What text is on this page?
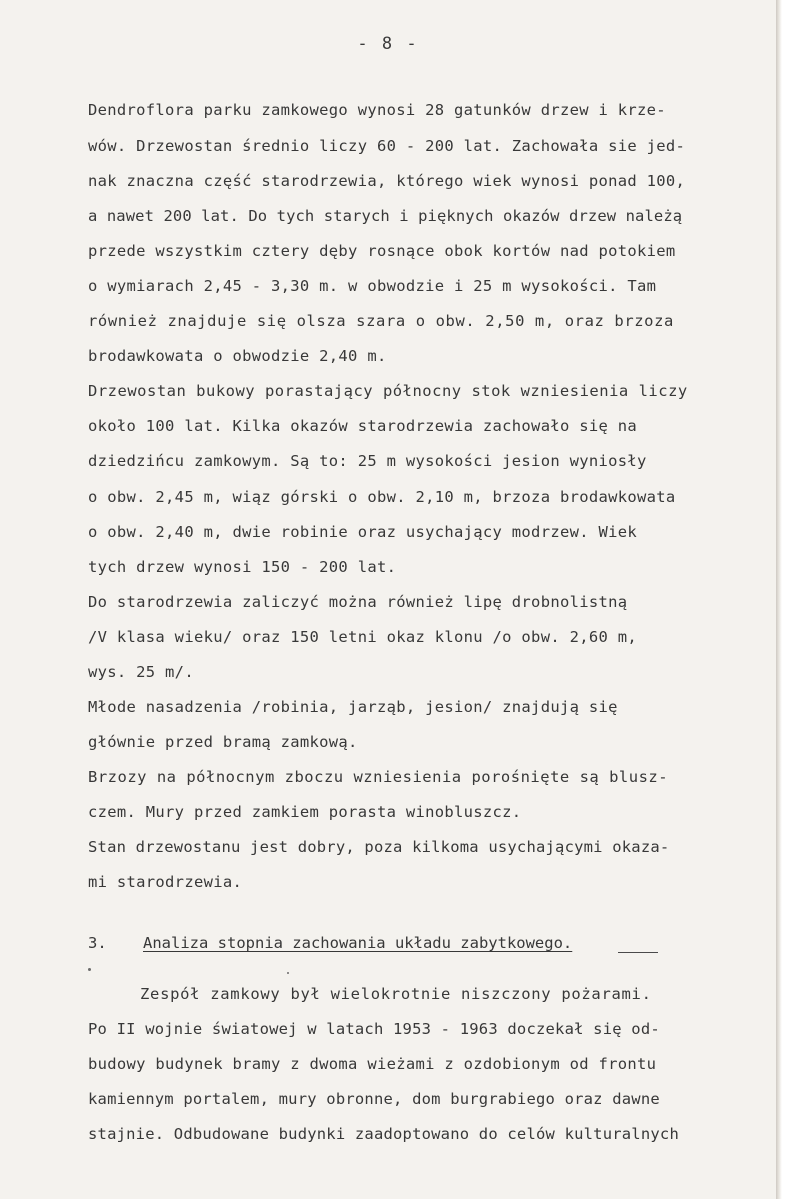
- 8 -
Dendroflora parku zamkowego wynosi 28 gatunków drzew i krze-
wów. Drzewostan średnio liczy 60 - 200 lat. Zachowała sie jed-
nak znaczna część starodrzewia, którego wiek wynosi ponad 100,
a nawet 200 lat. Do tych starych i pięknych okazów drzew należą
przede wszystkim cztery dęby rosnące obok kortów nad potokiem
o wymiarach 2,45 - 3,30 m. w obwodzie i 25 m wysokości. Tam
również znajduje się olsza szara o obw. 2,50 m, oraz brzoza
brodawkowata o obwodzie 2,40 m.
Drzewostan bukowy porastający północny stok wzniesienia liczy
około 100 lat. Kilka okazów starodrzewia zachowało się na
dziedzińcu zamkowym. Są to: 25 m wysokości jesion wyniosły
o obw. 2,45 m, wiąz górski o obw. 2,10 m, brzoza brodawkowata
o obw. 2,40 m, dwie robinie oraz usychający modrzew. Wiek
tych drzew wynosi 150 - 200 lat.
Do starodrzewia zaliczyć można również lipę drobnolistną
/V klasa wieku/ oraz 150 letni okaz klonu /o obw. 2,60 m,
wys. 25 m/.
Młode nasadzenia /robinia, jarząb, jesion/ znajdują się
głównie przed bramą zamkową.
Brzozy na północnym zboczu wzniesienia porośnięte są blusz-
czem. Mury przed zamkiem porasta winobluszcz.
Stan drzewostanu jest dobry, poza kilkoma usychającymi okaza-
mi starodrzewia.
3. Analiza stopnia zachowania układu zabytkowego.
Zespół zamkowy był wielokrotnie niszczony pożarami.
Po II wojnie światowej w latach 1953 - 1963 doczekał się od-
budowy budynek bramy z dwoma wieżami z ozdobionym od frontu
kamiennym portalem, mury obronne, dom burgrabiego oraz dawne
stajnie. Odbudowane budynki zaadoptowano do celów kulturalnych
